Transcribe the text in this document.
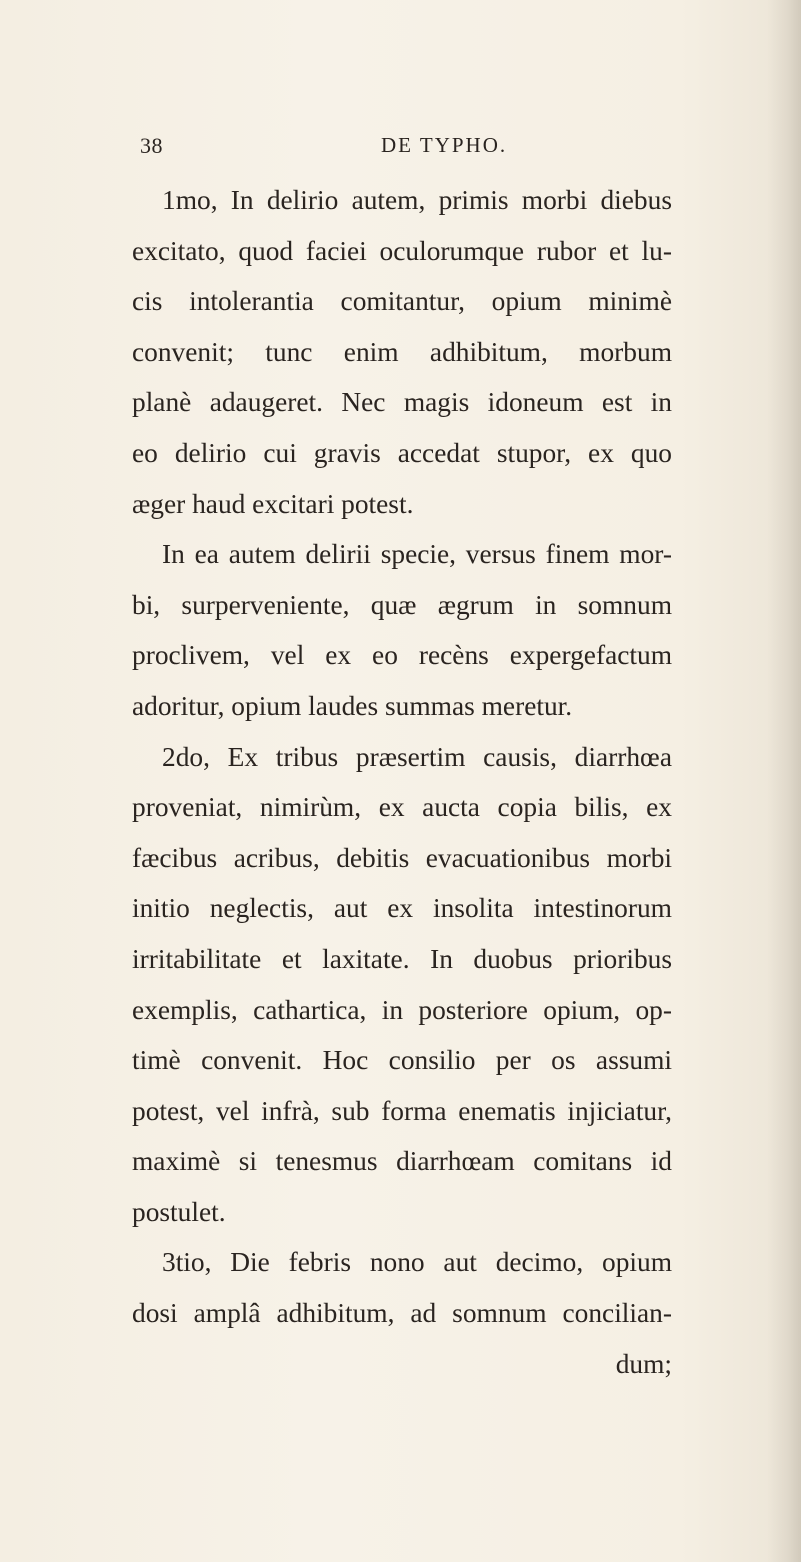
38	DE TYPHO.
1mo, In delirio autem, primis morbi diebus
excitato, quod faciei oculorumque rubor et lu-
cis intolerantia comitantur, opium minimè
convenit; tunc enim adhibitum, morbum
planè adaugeret. Nec magis idoneum est in
eo delirio cui gravis accedat stupor, ex quo
æger haud excitari potest.
In ea autem delirii specie, versus finem mor-
bi, surperveniente, quæ ægrum in somnum
proclivem, vel ex eo recèns expergefactum
adoritur, opium laudes summas meretur.
2do, Ex tribus præsertim causis, diarrhœa
proveniat, nimirùm, ex aucta copia bilis, ex
fæcibus acribus, debitis evacuationibus morbi
initio neglectis, aut ex insolita intestinorum
irritabilitate et laxitate. In duobus prioribus
exemplis, cathartica, in posteriore opium, op-
timè convenit. Hoc consilio per os assumi
potest, vel infrà, sub forma enematis injiciatur,
maximè si tenesmus diarrhœam comitans id
postulet.
3tio, Die febris nono aut decimo, opium
dosi amplâ adhibitum, ad somnum concilian-
dum;
